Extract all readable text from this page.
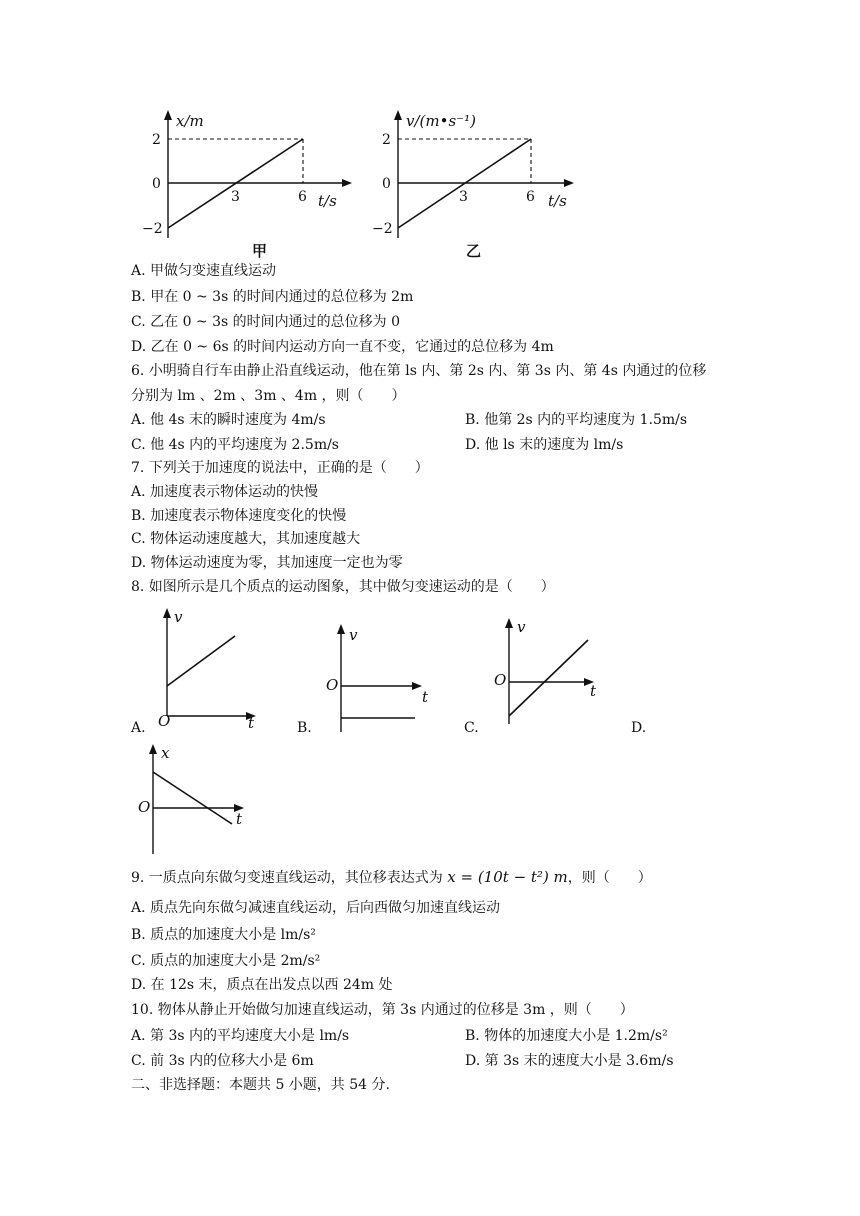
x/m
2
0
−2
3	6 t/s
甲
v/(m•s⁻¹)
2
0
−2
3	6 t/s
乙
A. 甲做匀变速直线运动
B. 甲在 0 ~ 3s 的时间内通过的总位移为 2m
C. 乙在 0 ~ 3s 的时间内通过的总位移为 0
D. 乙在 0 ~ 6s 的时间内运动方向一直不变，它通过的总位移为 4m
6. 小明骑自行车由静止沿直线运动，他在第 ls 内、第 2s 内、第 3s 内、第 4s 内通过的位移
分别为 lm 、2m 、3m 、4m ，则（　　）
A. 他 4s 末的瞬时速度为 4m/s	B. 他第 2s 内的平均速度为 1.5m/s
C. 他 4s 内的平均速度为 2.5m/s	D. 他 ls 末的速度为 lm/s
7. 下列关于加速度的说法中，正确的是（　　）
A. 加速度表示物体运动的快慢
B. 加速度表示物体速度变化的快慢
C. 物体运动速度越大，其加速度越大
D. 物体运动速度为零，其加速度一定也为零
8. 如图所示是几个质点的运动图象，其中做匀变速运动的是（　　）
v
O	t
A.
v
O
t
B.
v
O
t
C.	D.
x
O
t
9. 一质点向东做匀变速直线运动，其位移表达式为 x = (10t − t²) m，则（　　）
A. 质点先向东做匀减速直线运动，后向西做匀加速直线运动
B. 质点的加速度大小是 lm/s²
C. 质点的加速度大小是 2m/s²
D. 在 12s 末，质点在出发点以西 24m 处
10. 物体从静止开始做匀加速直线运动，第 3s 内通过的位移是 3m ，则（　　）
A. 第 3s 内的平均速度大小是 lm/s	B. 物体的加速度大小是 1.2m/s²
C. 前 3s 内的位移大小是 6m	D. 第 3s 末的速度大小是 3.6m/s
二、非选择题：本题共 5 小题，共 54 分.
